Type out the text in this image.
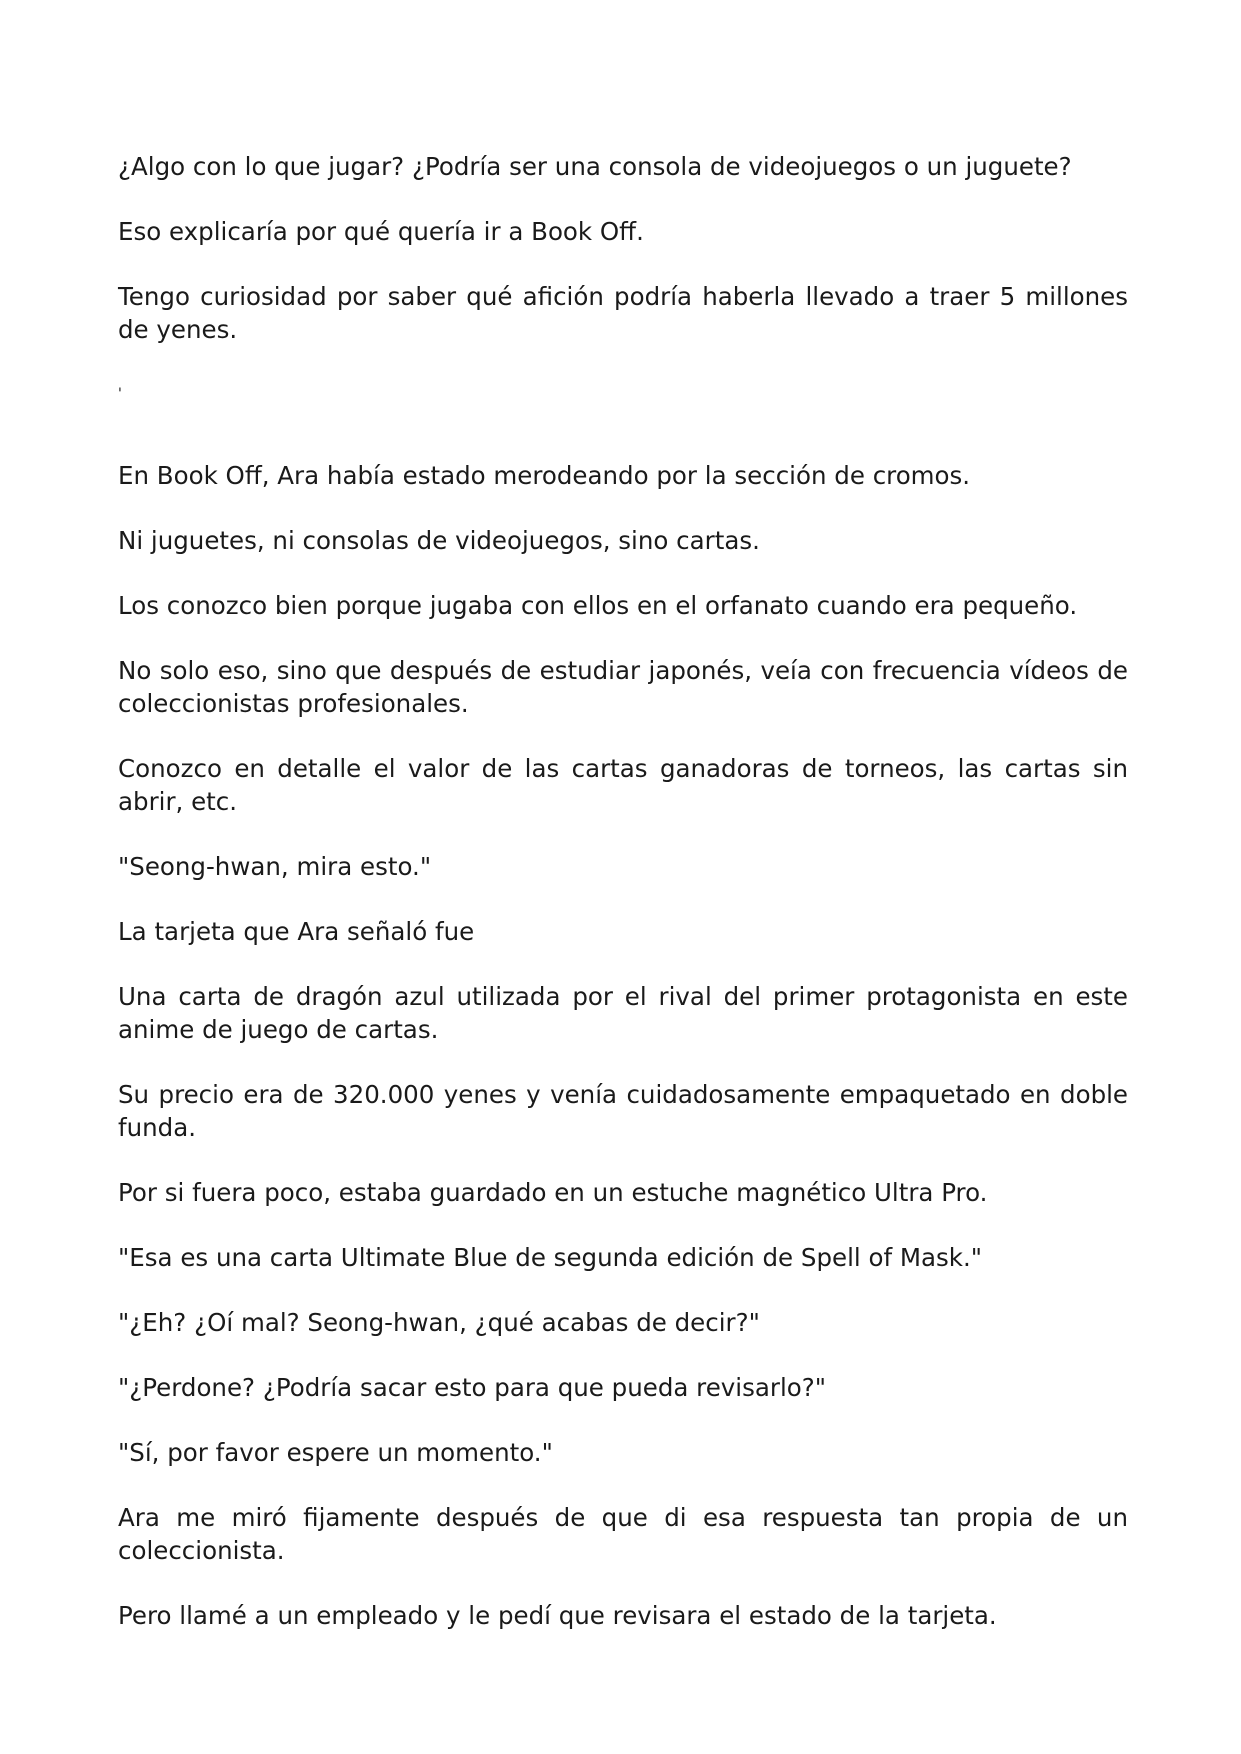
¿Algo con lo que jugar? ¿Podría ser una consola de videojuegos o un juguete?

Eso explicaría por qué quería ir a Book Off.

Tengo curiosidad por saber qué afición podría haberla llevado a traer 5 millones de yenes.

'

En Book Off, Ara había estado merodeando por la sección de cromos.

Ni juguetes, ni consolas de videojuegos, sino cartas.

Los conozco bien porque jugaba con ellos en el orfanato cuando era pequeño.

No solo eso, sino que después de estudiar japonés, veía con frecuencia vídeos de coleccionistas profesionales.

Conozco en detalle el valor de las cartas ganadoras de torneos, las cartas sin abrir, etc.

"Seong-hwan, mira esto."

La tarjeta que Ara señaló fue

Una carta de dragón azul utilizada por el rival del primer protagonista en este anime de juego de cartas.

Su precio era de 320.000 yenes y venía cuidadosamente empaquetado en doble funda.

Por si fuera poco, estaba guardado en un estuche magnético Ultra Pro.

"Esa es una carta Ultimate Blue de segunda edición de Spell of Mask."

"¿Eh? ¿Oí mal? Seong-hwan, ¿qué acabas de decir?"

"¿Perdone? ¿Podría sacar esto para que pueda revisarlo?"

"Sí, por favor espere un momento."

Ara me miró fijamente después de que di esa respuesta tan propia de un coleccionista.

Pero llamé a un empleado y le pedí que revisara el estado de la tarjeta.
